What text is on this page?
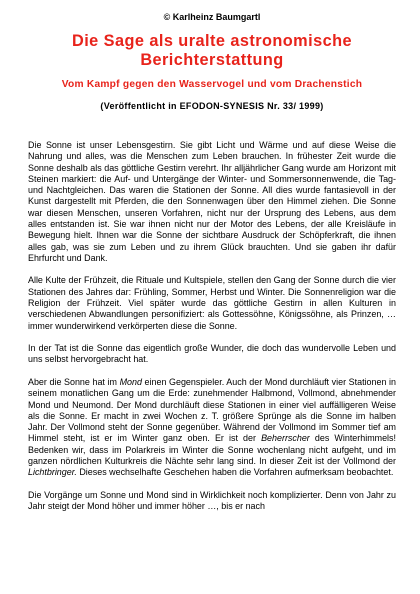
© Karlheinz Baumgartl

Die Sage als uralte astronomische
Berichterstattung

Vom Kampf gegen den Wasservogel und vom Drachenstich

(Veröffentlicht in EFODON-SYNESIS Nr. 33/ 1999)

Die Sonne ist unser Lebensgestirn. Sie gibt Licht und Wärme und auf diese Weise die Nahrung und alles, was die Menschen zum Leben brauchen. In frühester Zeit wurde die Sonne deshalb als das göttliche Gestirn verehrt. Ihr alljährlicher Gang wurde am Horizont mit Steinen markiert: die Auf- und Untergänge der Winter- und Sommersonnenwende, die Tag- und Nachtgleichen. Das waren die Stationen der Sonne. All dies wurde fantasievoll in der Kunst dargestellt mit Pferden, die den Sonnenwagen über den Himmel ziehen. Die Sonne war diesen Menschen, unseren Vorfahren, nicht nur der Ursprung des Lebens, aus dem alles entstanden ist. Sie war ihnen nicht nur der Motor des Lebens, der alle Kreisläufe in Bewegung hielt. Ihnen war die Sonne der sichtbare Ausdruck der Schöpferkraft, die ihnen alles gab, was sie zum Leben und zu ihrem Glück brauchten. Und sie gaben ihr dafür Ehrfurcht und Dank.

Alle Kulte der Frühzeit, die Rituale und Kultspiele, stellen den Gang der Sonne durch die vier Stationen des Jahres dar: Frühling, Sommer, Herbst und Winter. Die Sonnenreligion war die Religion der Frühzeit. Viel später wurde das göttliche Gestirn in allen Kulturen in verschiedenen Abwandlungen personifiziert: als Gottessöhne, Königssöhne, als Prinzen, … immer wunderwirkend verkörperten diese die Sonne.

In der Tat ist die Sonne das eigentlich große Wunder, die doch das wundervolle Leben und uns selbst hervorgebracht hat.

Aber die Sonne hat im Mond einen Gegenspieler. Auch der Mond durchläuft vier Stationen in seinem monatlichen Gang um die Erde: zunehmender Halbmond, Vollmond, abnehmender Mond und Neumond. Der Mond durchläuft diese Stationen in einer viel auffälligeren Weise als die Sonne. Er macht in zwei Wochen z. T. größere Sprünge als die Sonne im halben Jahr. Der Vollmond steht der Sonne gegenüber. Während der Vollmond im Sommer tief am Himmel steht, ist er im Winter ganz oben. Er ist der Beherrscher des Winterhimmels! Bedenken wir, dass im Polarkreis im Winter die Sonne wochenlang nicht aufgeht, und im ganzen nördlichen Kulturkreis die Nächte sehr lang sind. In dieser Zeit ist der Vollmond der Lichtbringer. Dieses wechselhafte Geschehen haben die Vorfahren aufmerksam beobachtet.

Die Vorgänge um Sonne und Mond sind in Wirklichkeit noch komplizierter. Denn von Jahr zu Jahr steigt der Mond höher und immer höher …, bis er nach
